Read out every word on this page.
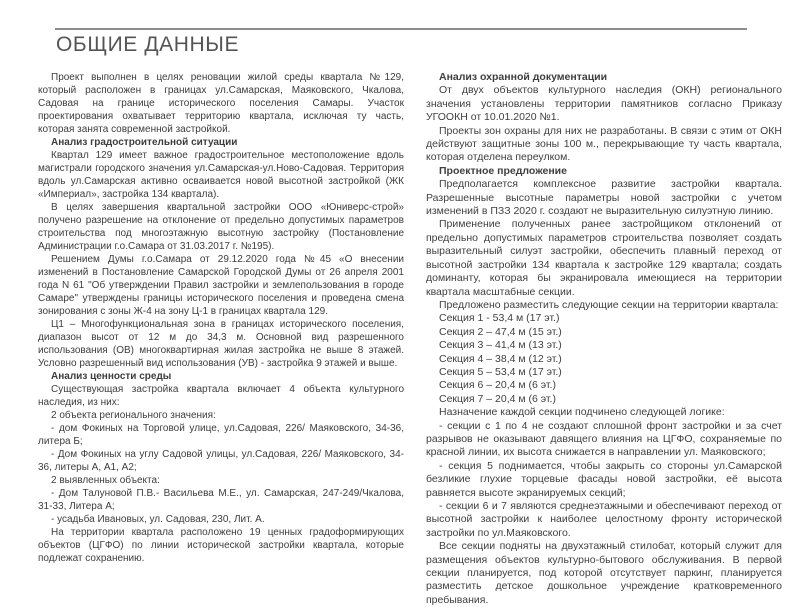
ОБЩИЕ ДАННЫЕ

Проект выполнен в целях реновации жилой среды квартала №129, который расположен в границах ул.Самарская, Маяковского, Чкалова, Садовая на границе исторического поселения Самары. Участок проектирования охватывает территорию квартала, исключая ту часть, которая занята современной застройкой.

Анализ градостроительной ситуации

Квартал 129 имеет важное градостроительное местоположение вдоль магистрали городского значения ул.Самарская-ул.Ново-Садовая. Территория вдоль ул.Самарская активно осваивается новой высотной застройкой (ЖК «Империал», застройка 134 квартала).

В целях завершения квартальной застройки ООО «Юниверс-строй» получено разрешение на отклонение от предельно допустимых параметров строительства под многоэтажную высотную застройку (Постановление Администрации г.о.Самара от 31.03.2017 г. №195).

Решением Думы г.о.Самара от 29.12.2020 года №45 «О внесении изменений в Постановление Самарской Городской Думы от 26 апреля 2001 года N 61 "Об утверждении Правил застройки и землепользования в городе Самаре" утверждены границы исторического поселения и проведена смена зонирования с зоны Ж-4 на зону Ц-1 в границах квартала 129.

Ц1 – Многофункциональная зона в границах исторического поселения, диапазон высот от 12 м до 34,3 м. Основной вид разрешенного использования (ОВ) многоквартирная жилая застройка не выше 8 этажей. Условно разрешенный вид использования (УВ) - застройка 9 этажей и выше.

Анализ ценности среды

Существующая застройка квартала включает 4 объекта культурного наследия, из них:

2 объекта регионального значения:

- дом Фокиных на Торговой улице, ул.Садовая, 226/ Маяковского, 34-36, литера Б;

- Дом Фокиных на углу Садовой улицы, ул.Садовая, 226/ Маяковского, 34-36, литеры А, А1, А2;

2 выявленных объекта:

- Дом Талуновой П.В.- Васильева М.Е., ул. Самарская, 247-249/Чкалова, 31-33, Литера А;

- усадьба Ивановых, ул. Садовая, 230, Лит. А.

На территории квартала расположено 19 ценных градоформирующих объектов (ЦГФО) по линии исторической застройки квартала, которые подлежат сохранению.

Анализ охранной документации

От двух объектов культурного наследия (ОКН) регионального значения установлены территории памятников согласно Приказу УГООКН от 10.01.2020 №1.

Проекты зон охраны для них не разработаны. В связи с этим от ОКН действуют защитные зоны 100 м., перекрывающие ту часть квартала, которая отделена переулком.

Проектное предложение

Предполагается комплексное развитие застройки квартала. Разрешенные высотные параметры новой застройки с учетом изменений в ПЗЗ 2020 г. создают не выразительную силуэтную линию.

Применение полученных ранее застройщиком отклонений от предельно допустимых параметров строительства позволяет создать выразительный силуэт застройки, обеспечить плавный переход от высотной застройки 134 квартала к застройке 129 квартала; создать доминанту, которая бы экранировала имеющиеся на территории квартала масштабные секции.

Предложено разместить следующие секции на территории квартала:

Секция 1 - 53,4 м (17 эт.)

Секция 2 – 47,4 м (15 эт.)

Секция 3 – 41,4 м (13 эт.)

Секция 4 – 38,4 м (12 эт.)

Секция 5 – 53,4 м (17 эт.)

Секция 6 – 20,4 м (6 эт.)

Секция 7 – 20,4 м (6 эт.)

Назначение каждой секции подчинено следующей логике:

- секции с 1 по 4 не создают сплошной фронт застройки и за счет разрывов не оказывают давящего влияния на ЦГФО, сохраняемые по красной линии, их высота снижается в направлении ул. Маяковского;

- секция 5 поднимается, чтобы закрыть со стороны ул.Самарской безликие глухие торцевые фасады новой застройки, её высота равняется высоте экранируемых секций;

- секции 6 и 7 являются среднеэтажными и обеспечивают переход от высотной застройки к наиболее целостному фронту исторической застройки по ул.Маяковского.

Все секции подняты на двухэтажный стилобат, который служит для размещения объектов культурно-бытового обслуживания. В первой секции планируется, под которой отсутствует паркинг, планируется разместить детское дошкольное учреждение кратковременного пребывания.
